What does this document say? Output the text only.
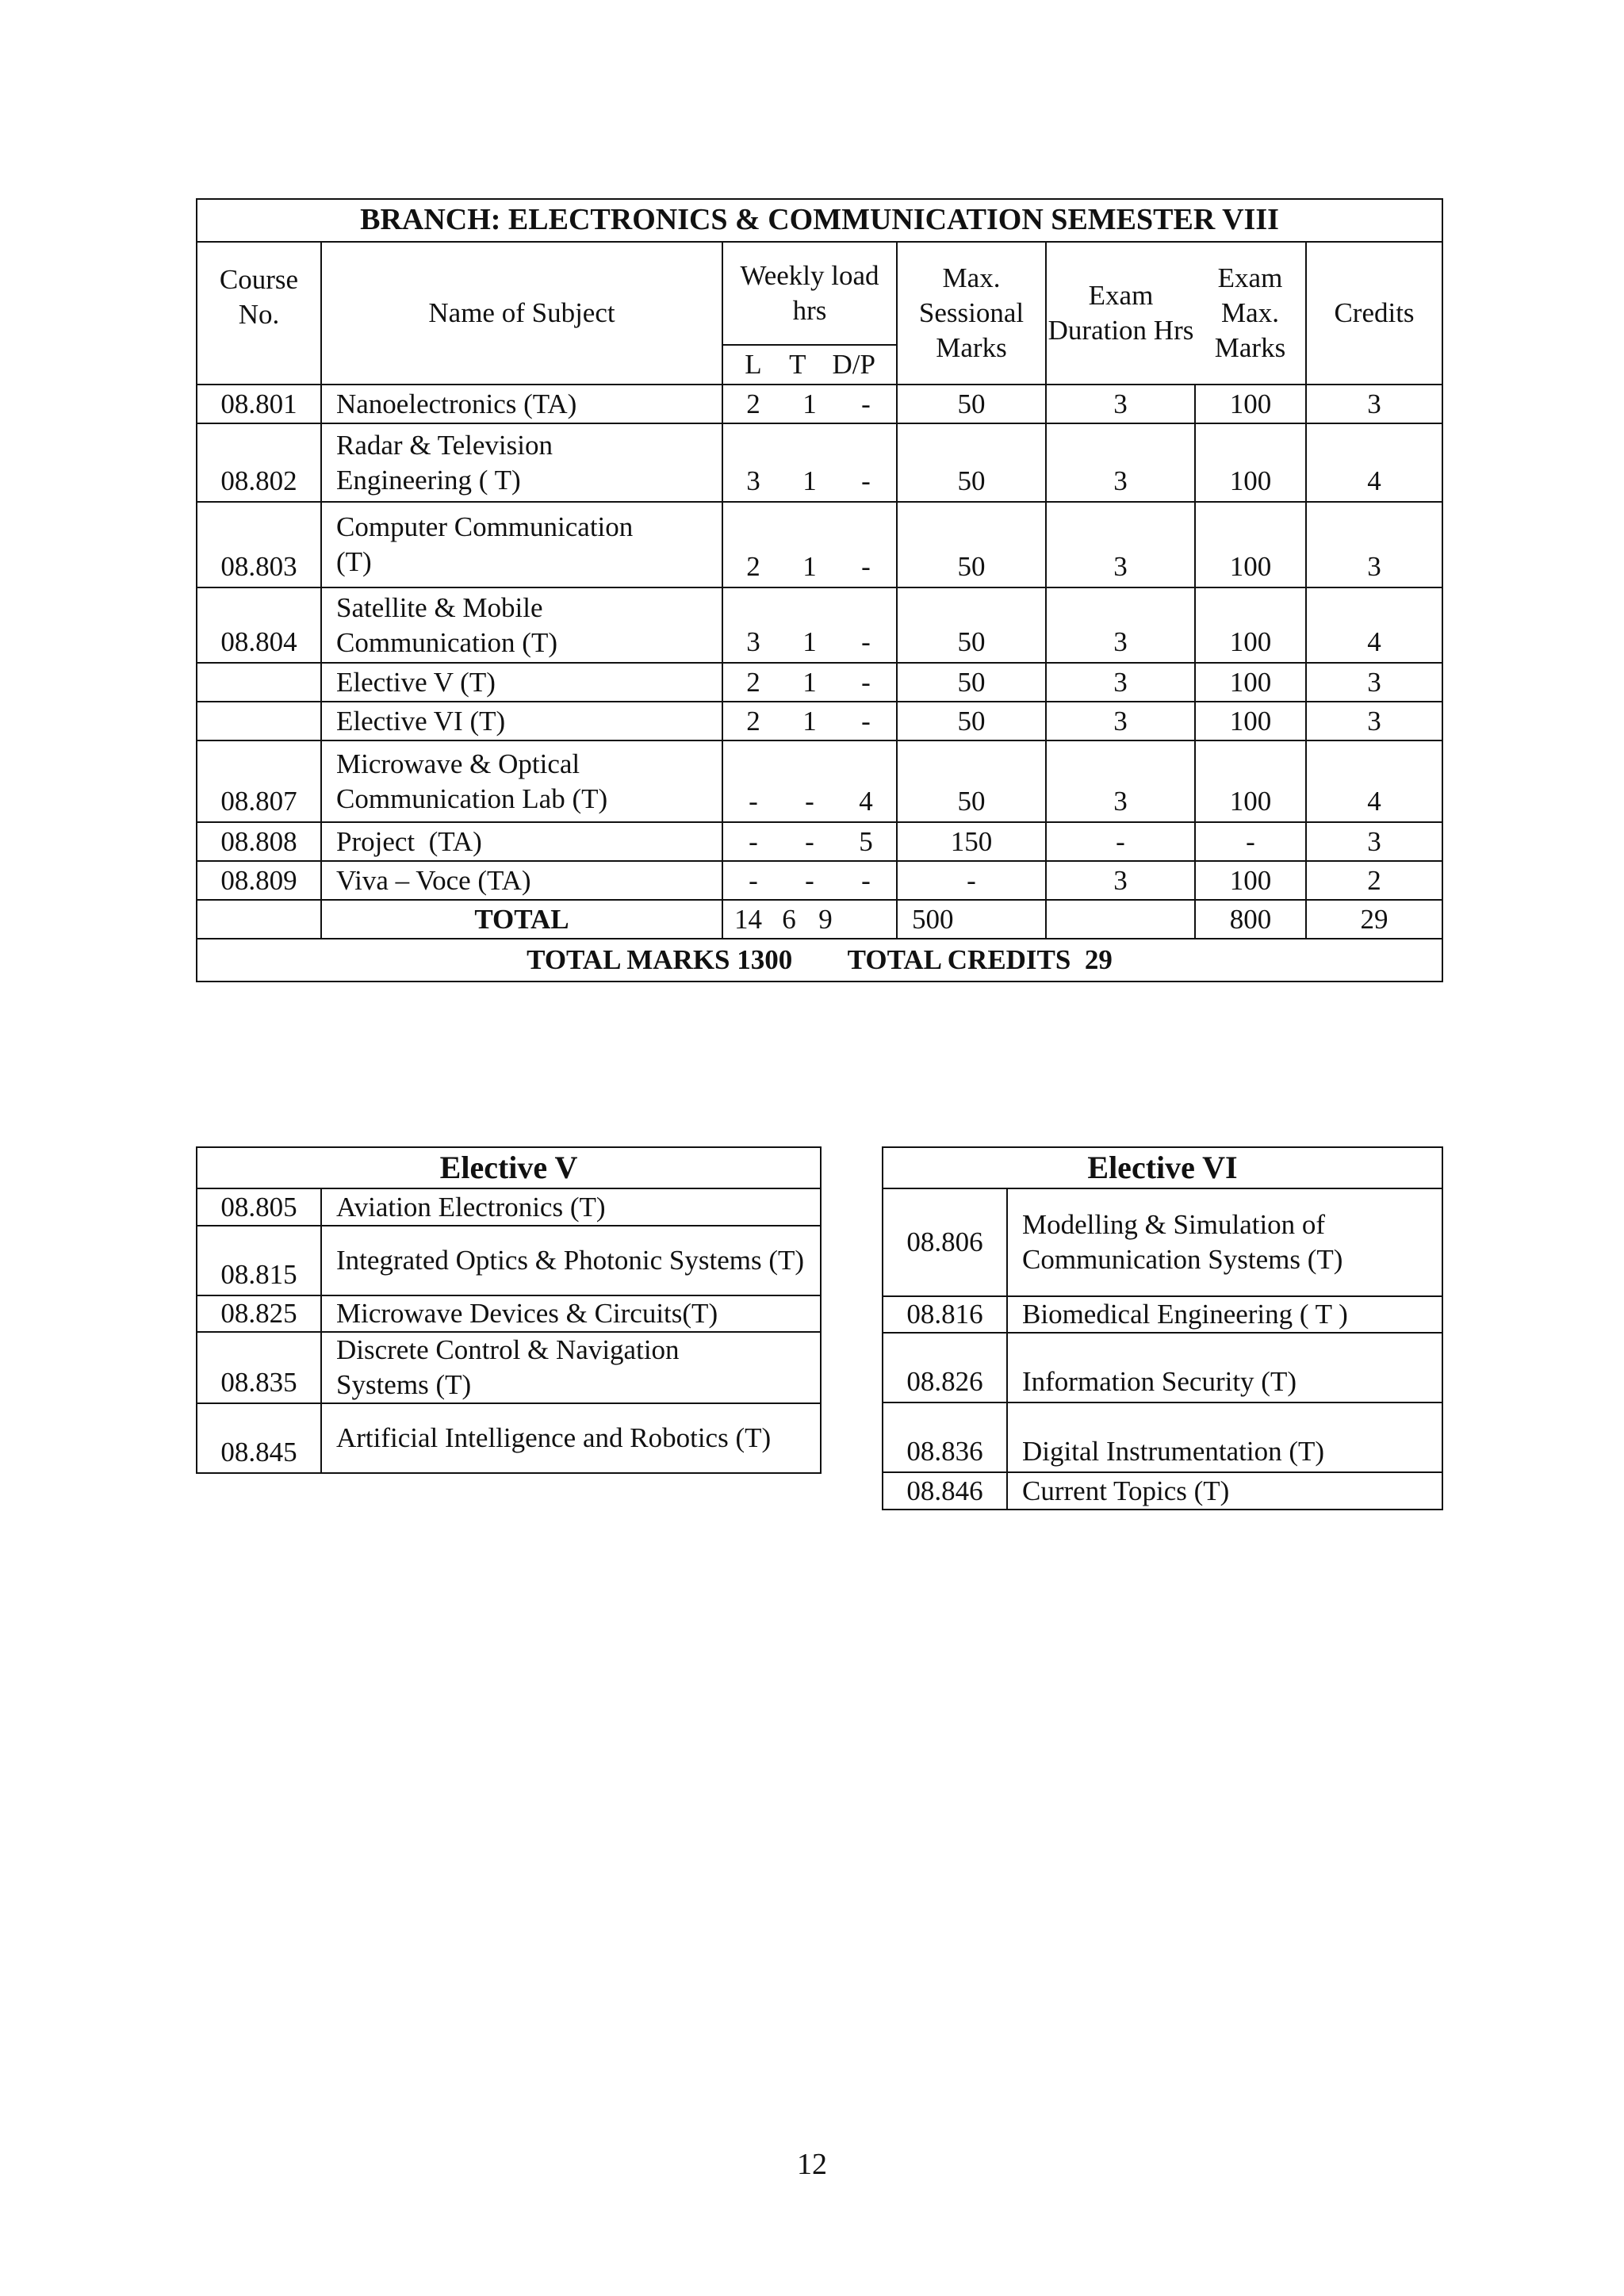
BRANCH: ELECTRONICS & COMMUNICATION SEMESTER VIII						
Course No.	Name of Subject	Weekly load hrs	Max. Sessional Marks	Exam Duration Hrs	Exam Max. Marks	Credits

		L T D/P				

08.801	Nanoelectronics (TA)	2 1 -	50	3	100	3
08.802	Radar & Television Engineering ( T)	3 1 -	50	3	100	4
08.803	Computer Communication (T)	2 1 -	50	3	100	3
08.804	Satellite & Mobile Communication (T)	3 1 -	50	3	100	4
	Elective V (T)	2 1 -	50	3	100	3
	Elective VI (T)	2 1 -	50	3	100	3
08.807	Microwave & Optical Communication Lab (T)	- - 4	50	3	100	4
08.808	Project  (TA)	- - 5	150	-	-	3
08.809	Viva – Voce (TA)	- - -	-	3	100	2
	TOTAL	14 6 9	500		800	29
TOTAL MARKS 1300        TOTAL CREDITS  29						
Elective V	
08.805	Aviation Electronics (T)
08.815	Integrated Optics & Photonic Systems (T)
08.825	Microwave Devices & Circuits(T)
08.835	Discrete Control & Navigation Systems (T)
08.845	Artificial Intelligence and Robotics (T)
Elective VI	
08.806	Modelling & Simulation of Communication Systems (T)
08.816	Biomedical Engineering ( T )
08.826	Information Security (T)
08.836	Digital Instrumentation (T)
08.846	Current Topics (T)
12
